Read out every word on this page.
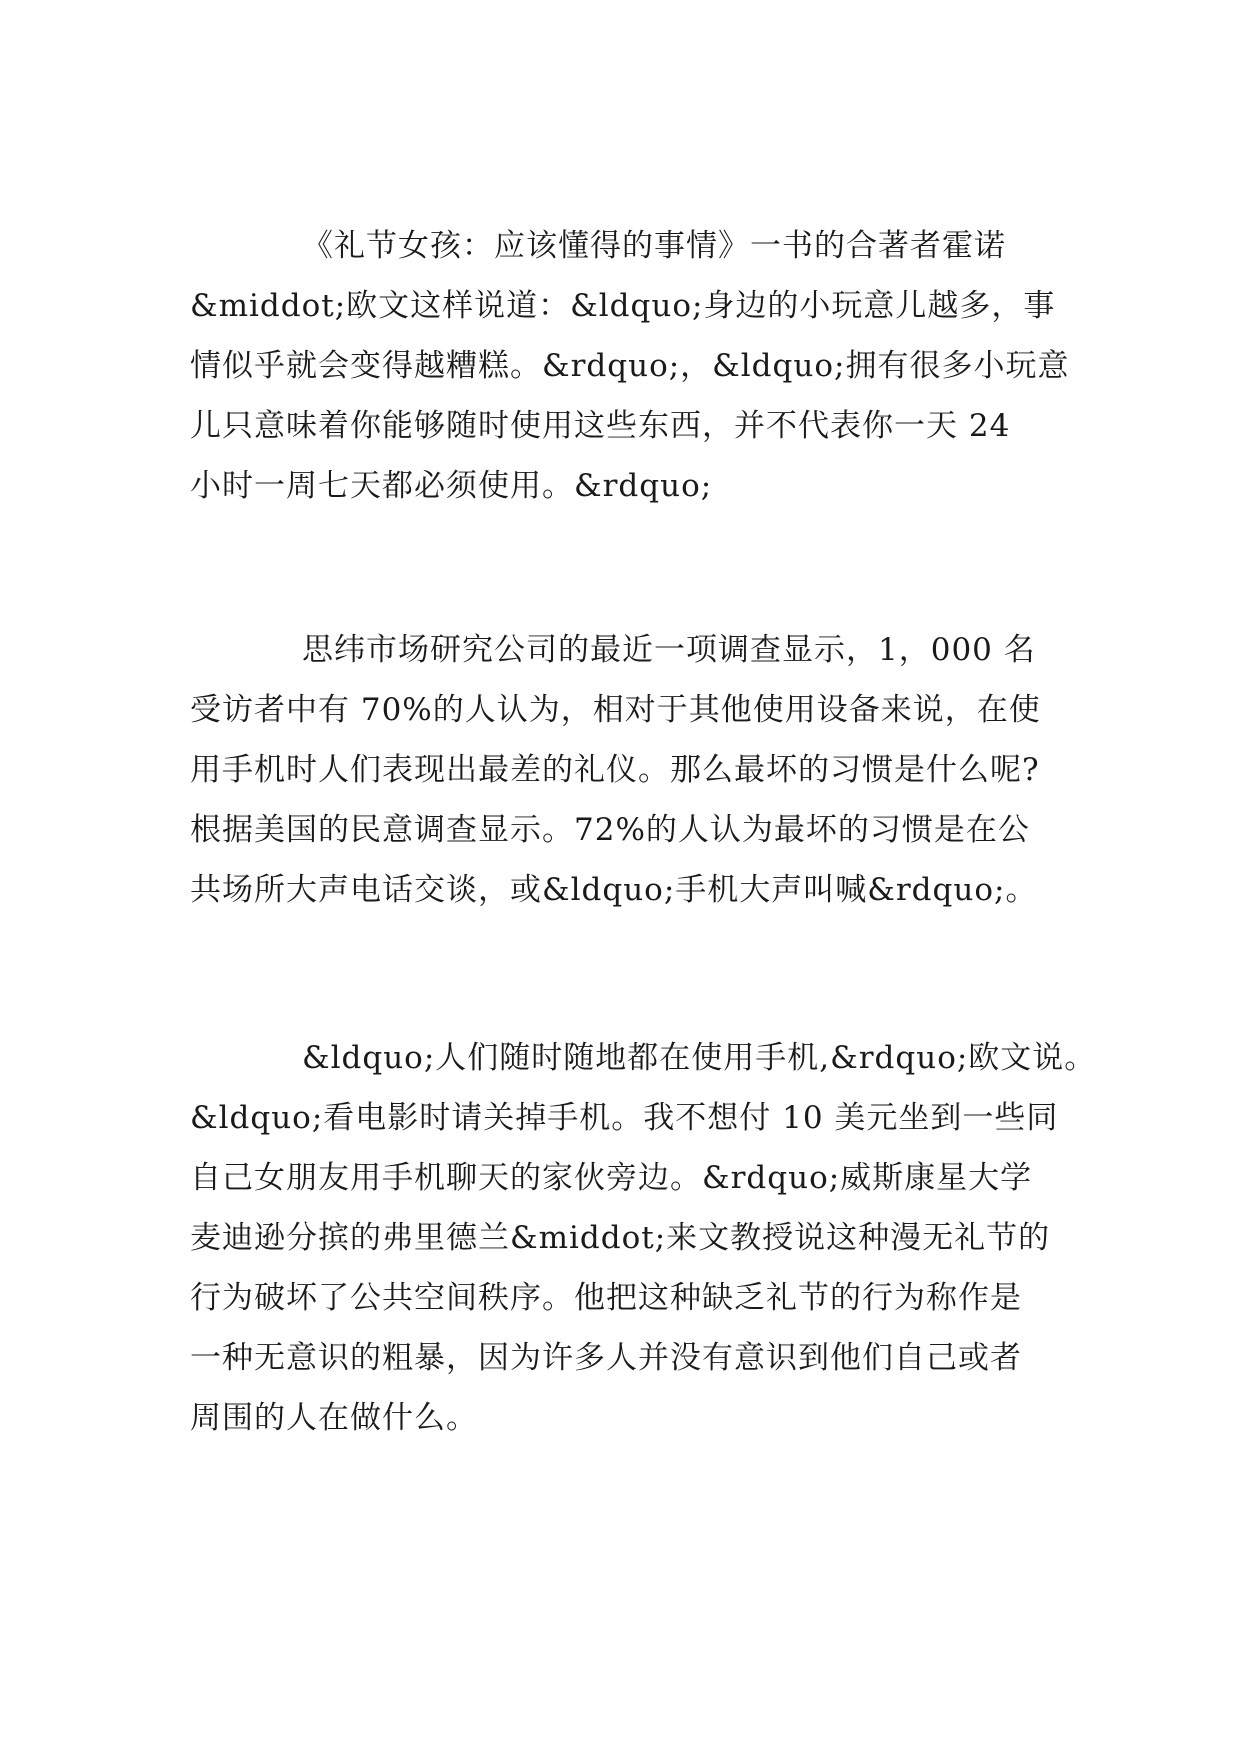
《礼节女孩：应该懂得的事情》一书的合著者霍诺
&middot;欧文这样说道：&ldquo;身边的小玩意儿越多，事
情似乎就会变得越糟糕。&rdquo;，&ldquo;拥有很多小玩意
儿只意味着你能够随时使用这些东西，并不代表你一天 24
小时一周七天都必须使用。&rdquo;
思纬市场研究公司的最近一项调查显示，1，000 名
受访者中有 70%的人认为，相对于其他使用设备来说，在使
用手机时人们表现出最差的礼仪。那么最坏的习惯是什么呢?
根据美国的民意调查显示。72%的人认为最坏的习惯是在公
共场所大声电话交谈，或&ldquo;手机大声叫喊&rdquo;。
&ldquo;人们随时随地都在使用手机,&rdquo;欧文说。
&ldquo;看电影时请关掉手机。我不想付 10 美元坐到一些同
自己女朋友用手机聊天的家伙旁边。&rdquo;威斯康星大学
麦迪逊分摈的弗里德兰&middot;来文教授说这种漫无礼节的
行为破坏了公共空间秩序。他把这种缺乏礼节的行为称作是
一种无意识的粗暴，因为许多人并没有意识到他们自己或者
周围的人在做什么。
